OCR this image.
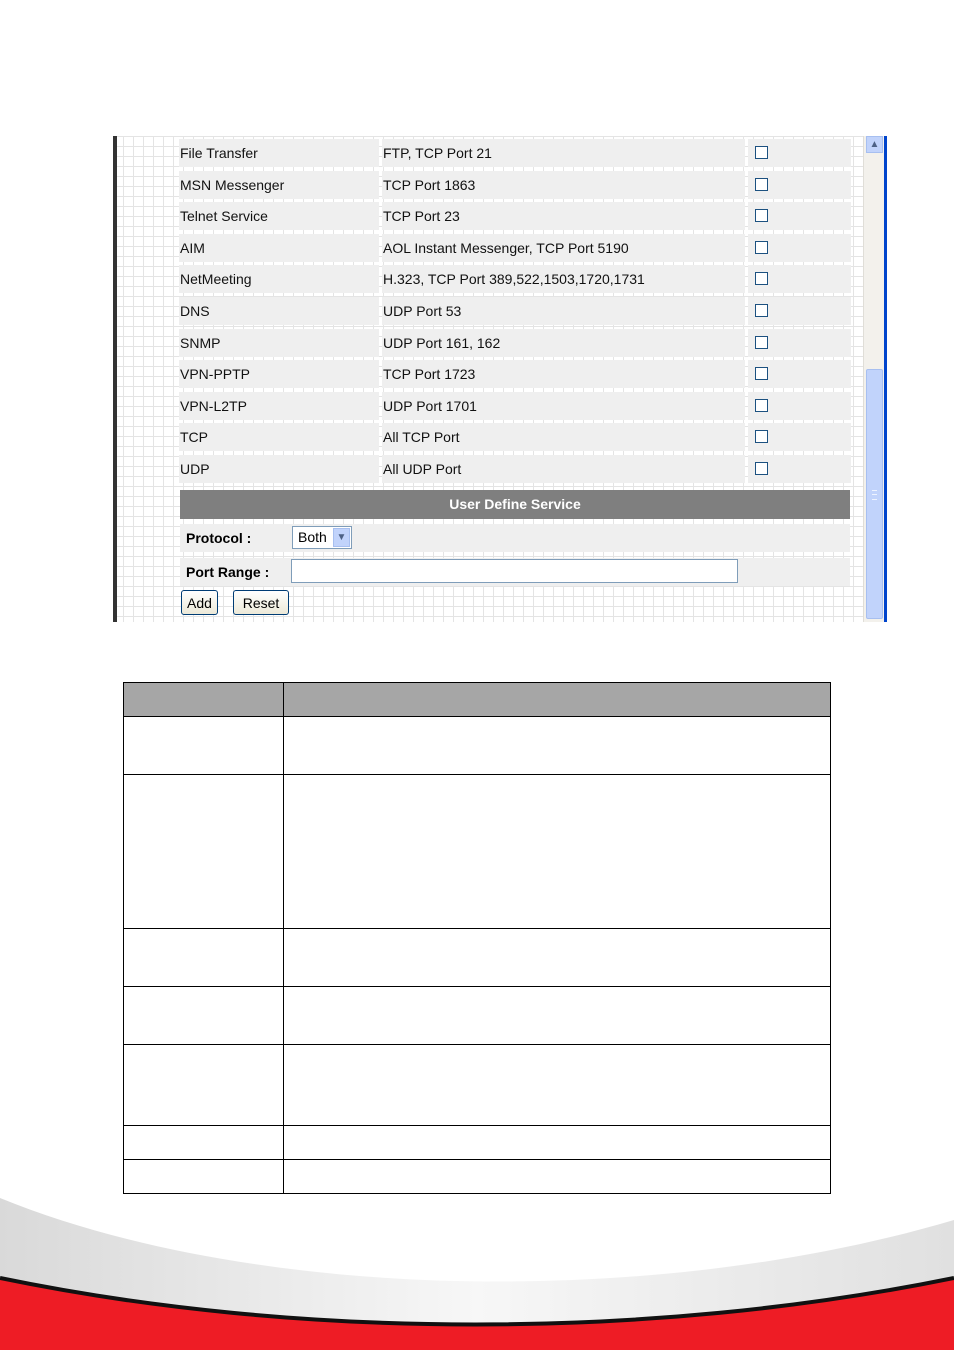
File Transfer	FTP, TCP Port 21
MSN Messenger	TCP Port 1863
Telnet Service	TCP Port 23
AIM	AOL Instant Messenger, TCP Port 5190
NetMeeting	H.323, TCP Port 389,522,1503,1720,1731
DNS	UDP Port 53
SNMP	UDP Port 161, 162
VPN-PPTP	TCP Port 1723
VPN-L2TP	UDP Port 1701
TCP	All TCP Port
UDP	All UDP Port
User Define Service
Protocol :	Both ▼
Port Range :
Add	Reset
▲
